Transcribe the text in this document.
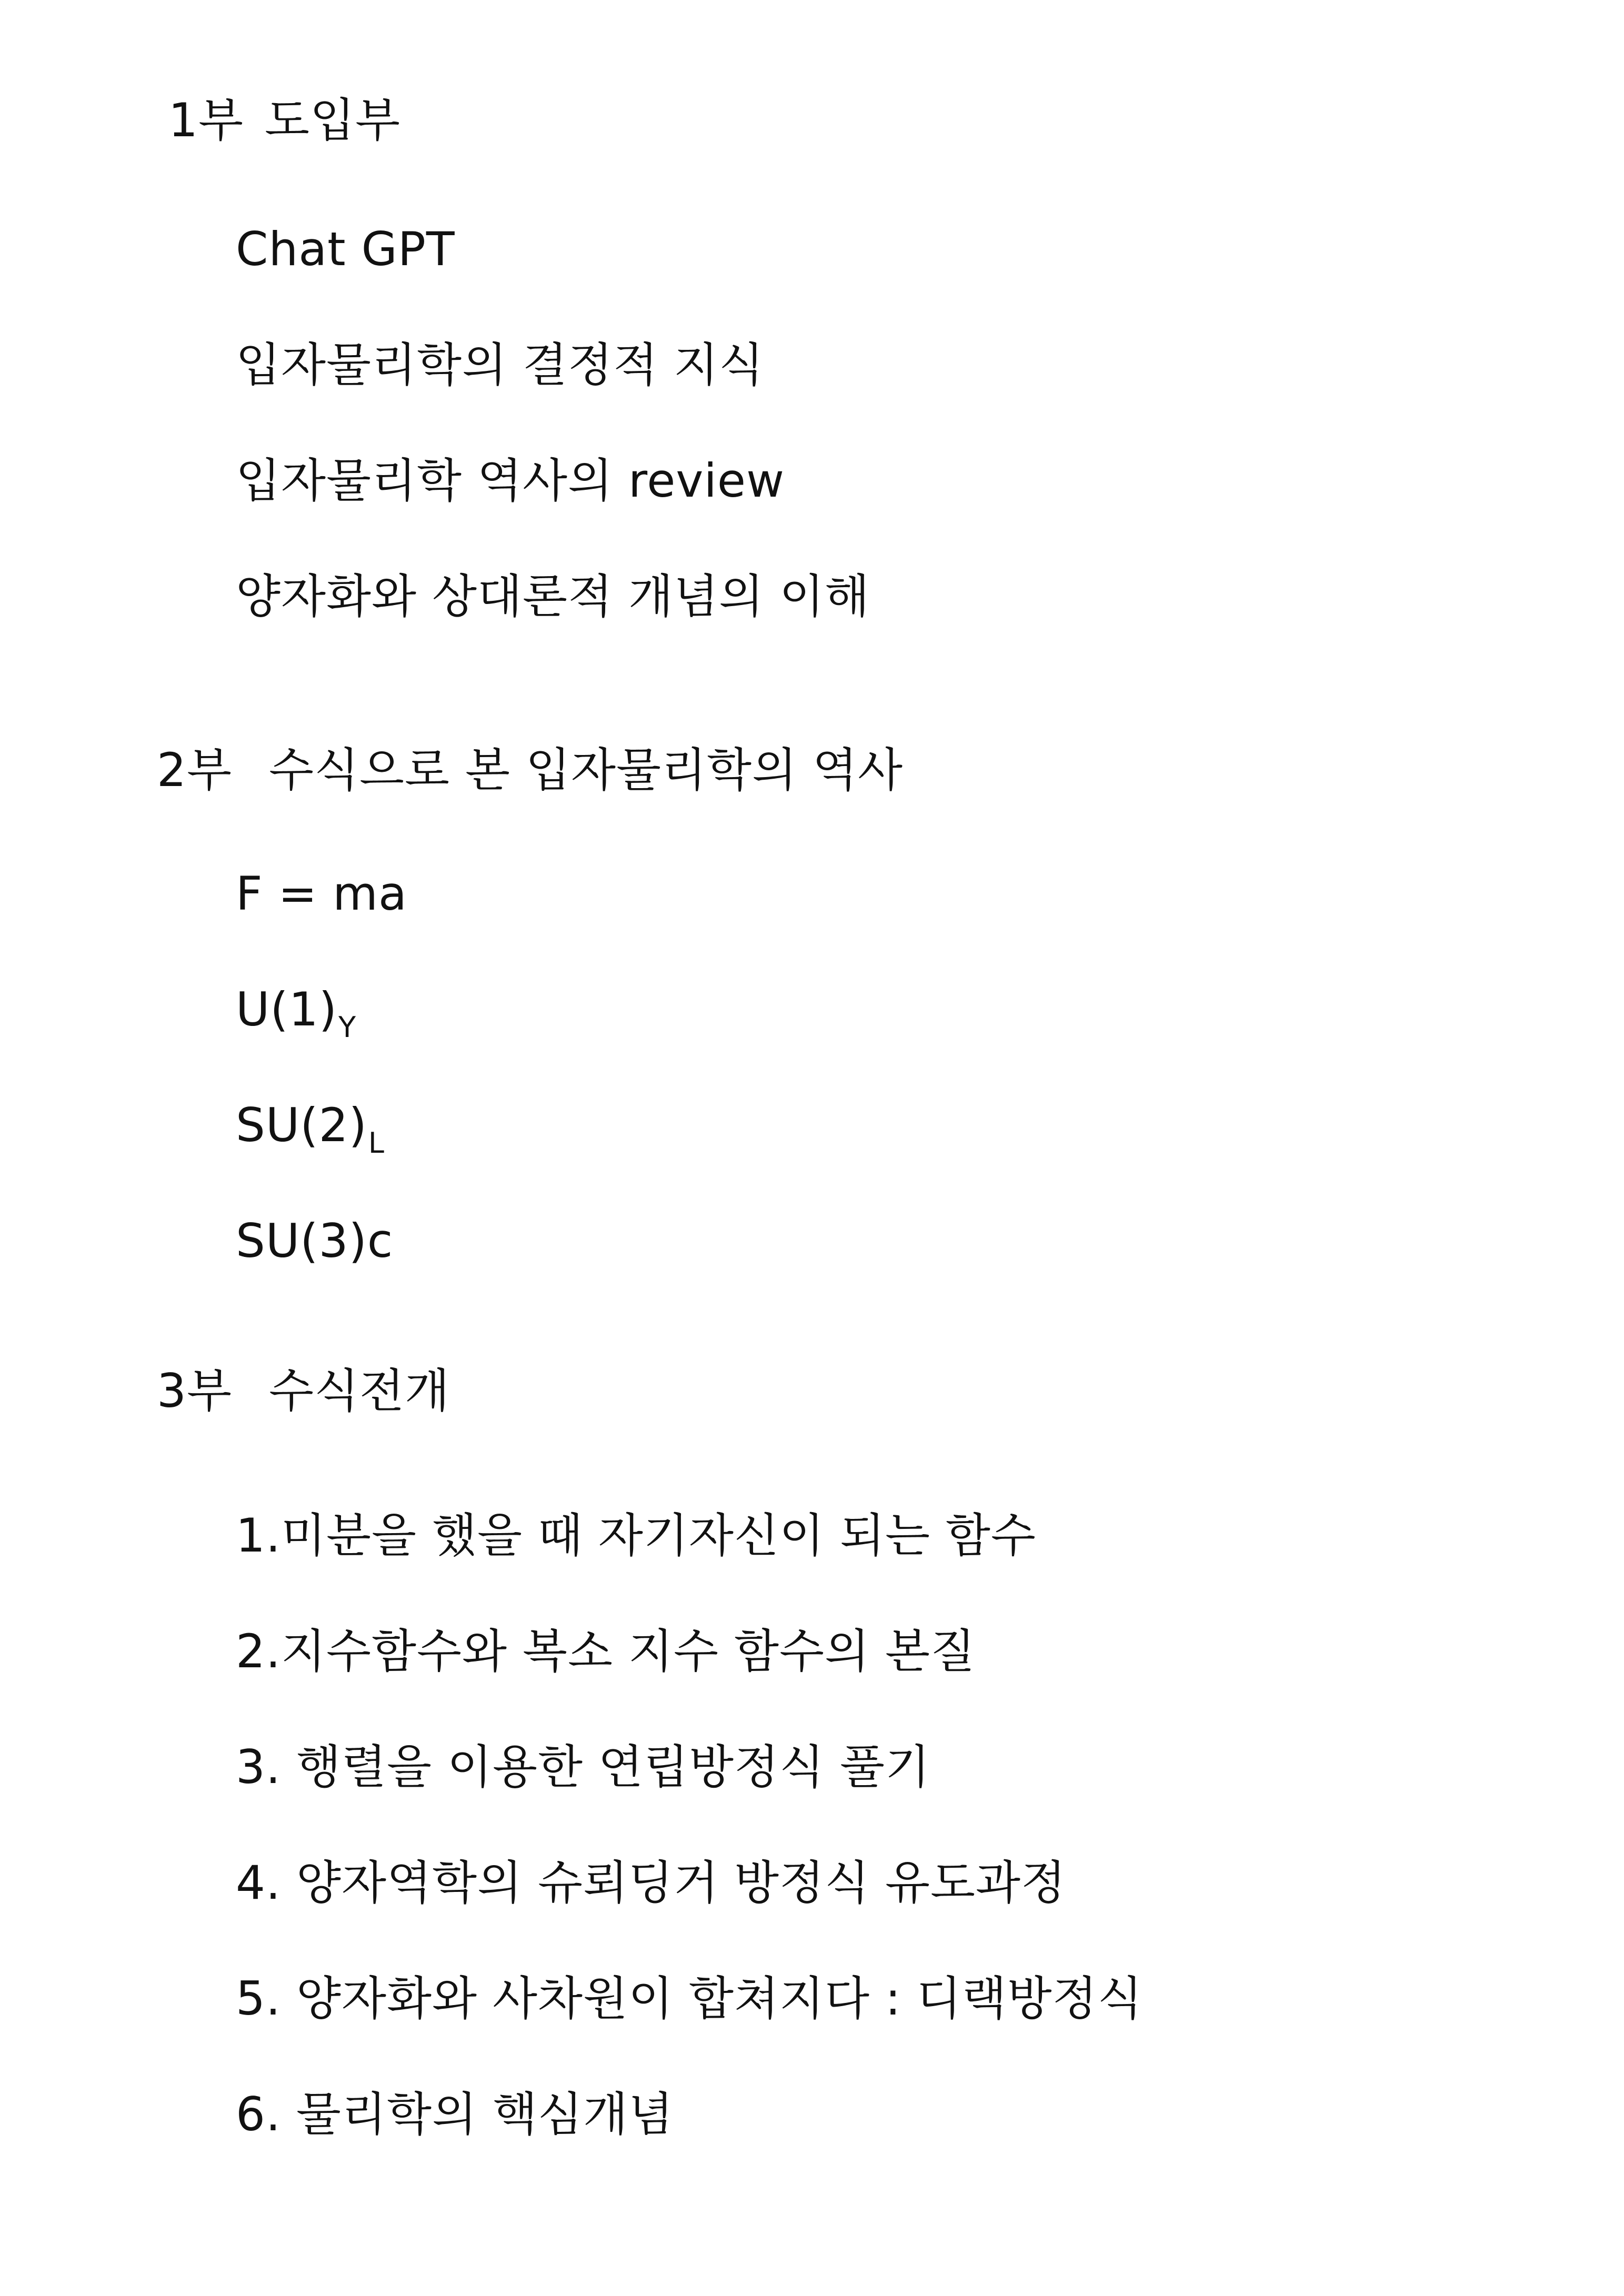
1부 도입부
Chat GPT
입자물리학의 결정적 지식
입자물리학 역사의 review
양자화와 상대론적 개념의 이해
2부 수식으로 본 입자물리학의 역사
F = ma
$U(1)_Y$
$SU(2)_L$
SU(3)c
3부 수식전개
1.미분을 했을 때 자기자신이 되는 함수
2.지수함수와 복소 지수 함수의 본질
3. 행렬을 이용한 연립방정식 풀기
4. 양자역학의 슈뢰딩거 방정식 유도과정
5. 양자화와 사차원이 합쳐지다 : 디랙방정식
6. 물리학의 핵심개념
